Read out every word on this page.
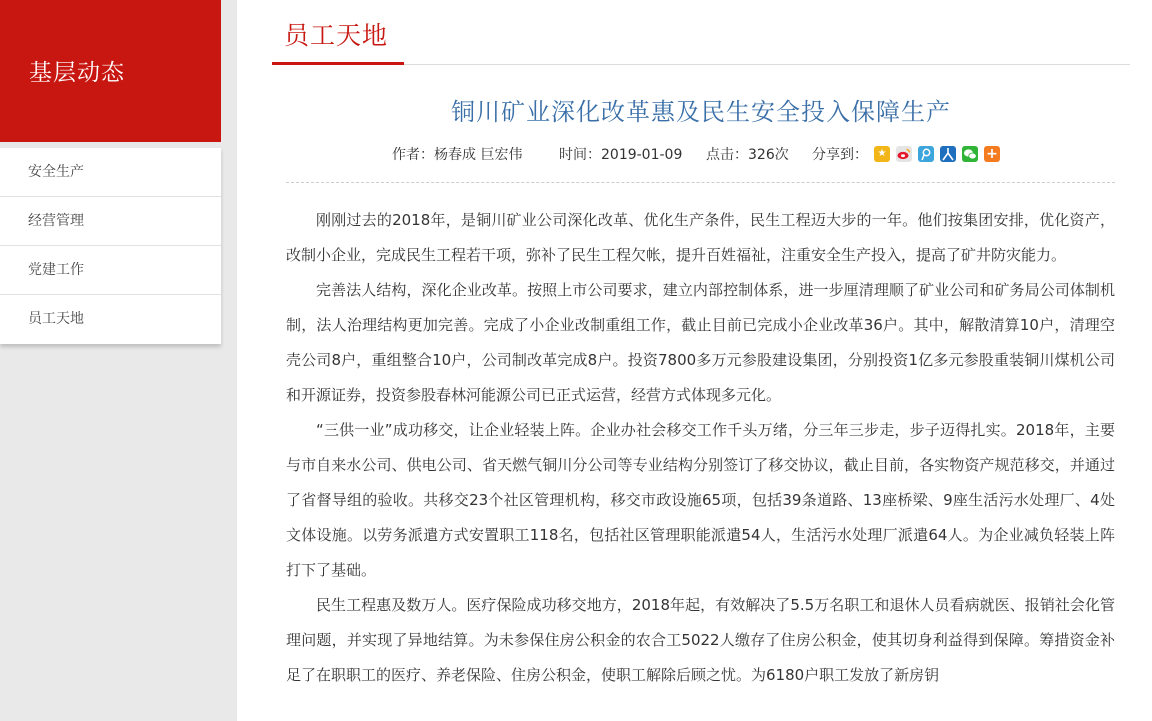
基层动态
安全生产
经营管理
党建工作
员工天地
员工天地
铜川矿业深化改革惠及民生安全投入保障生产
作者：杨春成 巨宏伟	时间：2019-01-09 点击：326次 分享到： ★	+

刚刚过去的2018年，是铜川矿业公司深化改革、优化生产条件，民生工程迈大步的一年。他们按集团安排，优化资产，改制小企业，完成民生工程若干项，弥补了民生工程欠帐，提升百姓福祉，注重安全生产投入，提高了矿井防灾能力。

完善法人结构，深化企业改革。按照上市公司要求，建立内部控制体系，进一步厘清理顺了矿业公司和矿务局公司体制机制，法人治理结构更加完善。完成了小企业改制重组工作，截止目前已完成小企业改革36户。其中，解散清算10户，清理空壳公司8户，重组整合10户，公司制改革完成8户。投资7800多万元参股建设集团，分别投资1亿多元参股重装铜川煤机公司和开源证券，投资参股春林河能源公司已正式运营，经营方式体现多元化。

“三供一业”成功移交，让企业轻装上阵。企业办社会移交工作千头万绪，分三年三步走，步子迈得扎实。2018年，主要与市自来水公司、供电公司、省天燃气铜川分公司等专业结构分别签订了移交协议，截止目前，各实物资产规范移交，并通过了省督导组的验收。共移交23个社区管理机构，移交市政设施65项，包括39条道路、13座桥梁、9座生活污水处理厂、4处文体设施。以劳务派遣方式安置职工118名，包括社区管理职能派遣54人，生活污水处理厂派遣64人。为企业减负轻装上阵打下了基础。

民生工程惠及数万人。医疗保险成功移交地方，2018年起，有效解决了5.5万名职工和退休人员看病就医、报销社会化管理问题，并实现了异地结算。为未参保住房公积金的农合工5022人缴存了住房公积金，使其切身利益得到保障。筹措资金补足了在职职工的医疗、养老保险、住房公积金，使职工解除后顾之忧。为6180户职工发放了新房钥
